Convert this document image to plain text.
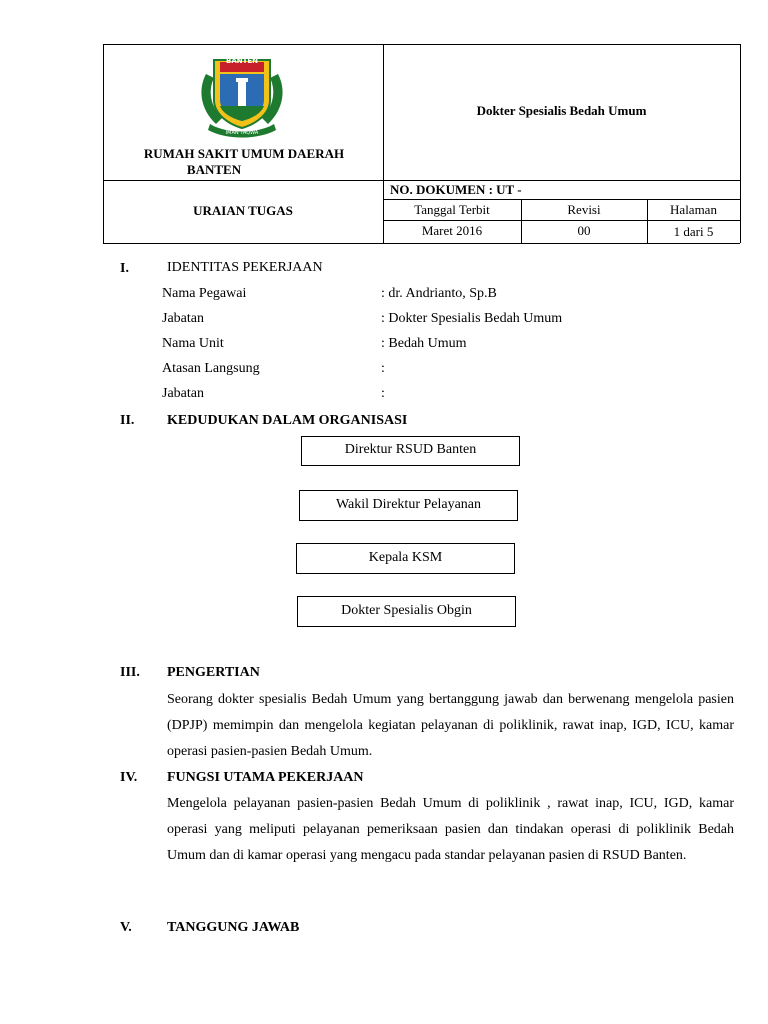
BANTEN
IMAN TAQWA
RUMAH SAKIT UMUM DAERAH
BANTEN
Dokter Spesialis Bedah Umum
URAIAN TUGAS
NO. DOKUMEN : UT -
Tanggal Terbit	Revisi	Halaman
Maret 2016	00	1 dari 5
I.	IDENTITAS PEKERJAAN
Nama Pegawai	: dr. Andrianto, Sp.B
Jabatan	: Dokter Spesialis Bedah Umum
Nama Unit	: Bedah Umum
Atasan Langsung	:
Jabatan	:
II. KEDUDUKAN DALAM ORGANISASI
Direktur RSUD Banten
Wakil Direktur Pelayanan
Kepala KSM
Dokter Spesialis Obgin
III. PENGERTIAN
Seorang dokter spesialis Bedah Umum yang bertanggung jawab dan berwenang mengelola pasien (DPJP) memimpin dan mengelola kegiatan pelayanan di poliklinik, rawat inap, IGD, ICU, kamar operasi pasien-pasien Bedah Umum.
IV. FUNGSI UTAMA PEKERJAAN
Mengelola pelayanan pasien-pasien Bedah Umum di poliklinik , rawat inap, ICU, IGD, kamar operasi yang meliputi pelayanan pemeriksaan pasien dan tindakan operasi di poliklinik Bedah Umum dan di kamar operasi yang mengacu pada standar pelayanan pasien di RSUD Banten.
V.	TANGGUNG JAWAB
